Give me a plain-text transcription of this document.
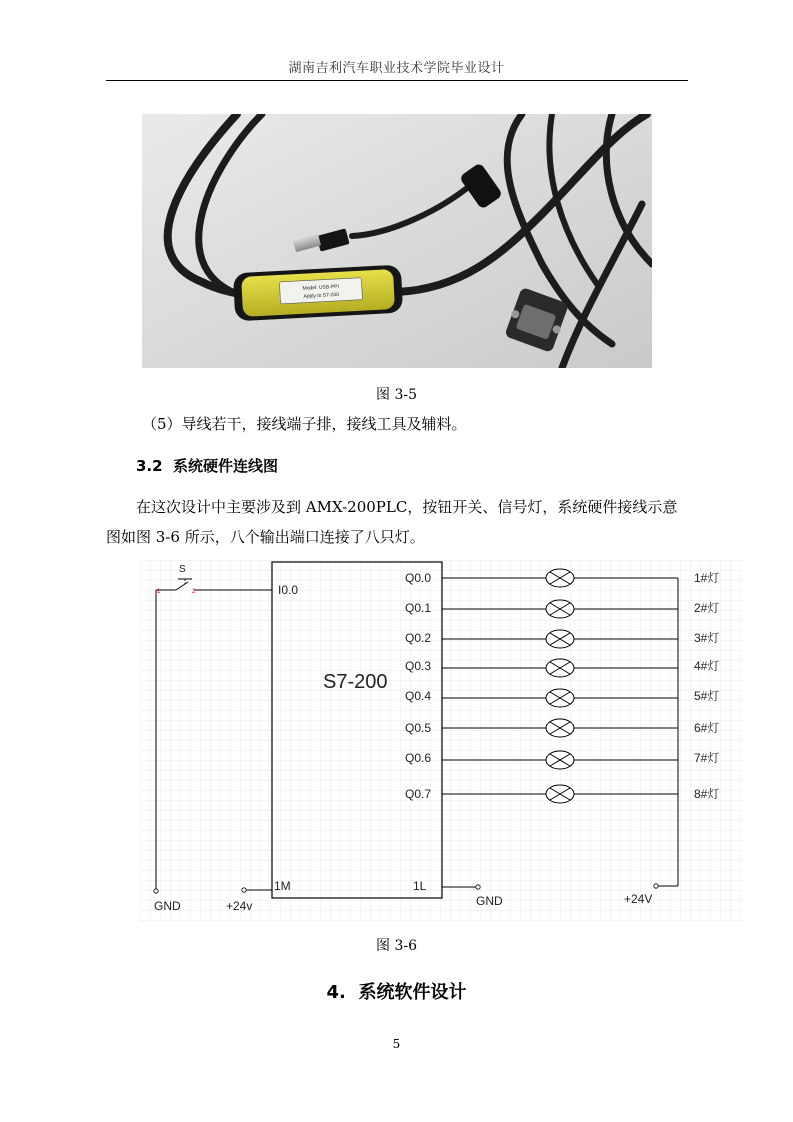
湖南吉利汽车职业技术学院毕业设计
Model: USB-PPI
Apply to S7-200
图 3-5
（5）导线若干，接线端子排，接线工具及辅料。
3.2 系统硬件连线图
在这次设计中主要涉及到 AMX-200PLC，按钮开关、信号灯，系统硬件接线示意图如图 3-6 所示，八个输出端口连接了八只灯。
S7-200
S
1	2	I0.0
GND
1M
+24v
1L
GND	+24V
Q0.0	1#灯
Q0.1	2#灯
Q0.2	3#灯
Q0.3	4#灯
Q0.4	5#灯
Q0.5	6#灯
Q0.6	7#灯
Q0.7	8#灯
图 3-6
4. 系统软件设计
5
